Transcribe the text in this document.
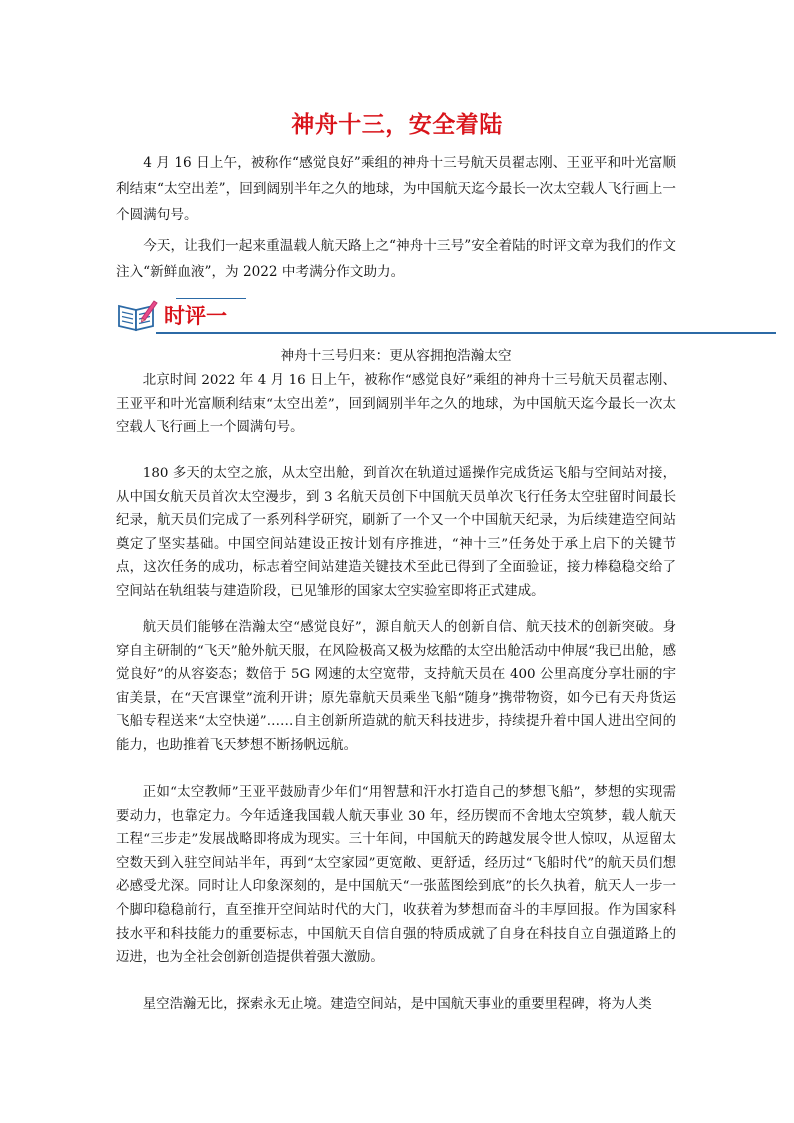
神舟十三，安全着陆

4 月 16 日上午，被称作“感觉良好”乘组的神舟十三号航天员翟志刚、王亚平和叶光富顺利结束“太空出差”，回到阔别半年之久的地球，为中国航天迄今最长一次太空载人飞行画上一个圆满句号。

今天，让我们一起来重温载人航天路上之“神舟十三号”安全着陆的时评文章为我们的作文注入“新鲜血液”，为 2022 中考满分作文助力。

时评一
神舟十三号归来：更从容拥抱浩瀚太空

北京时间 2022 年 4 月 16 日上午，被称作“感觉良好”乘组的神舟十三号航天员翟志刚、王亚平和叶光富顺利结束“太空出差”，回到阔别半年之久的地球，为中国航天迄今最长一次太空载人飞行画上一个圆满句号。

180 多天的太空之旅，从太空出舱，到首次在轨道过遥操作完成货运飞船与空间站对接，从中国女航天员首次太空漫步，到 3 名航天员创下中国航天员单次飞行任务太空驻留时间最长纪录，航天员们完成了一系列科学研究，刷新了一个又一个中国航天纪录，为后续建造空间站奠定了坚实基础。中国空间站建设正按计划有序推进，“神十三”任务处于承上启下的关键节点，这次任务的成功，标志着空间站建造关键技术至此已得到了全面验证，接力棒稳稳交给了空间站在轨组装与建造阶段，已见雏形的国家太空实验室即将正式建成。

航天员们能够在浩瀚太空“感觉良好”，源自航天人的创新自信、航天技术的创新突破。身穿自主研制的“飞天”舱外航天服，在风险极高又极为炫酷的太空出舱活动中伸展“我已出舱，感觉良好”的从容姿态；数倍于 5G 网速的太空宽带，支持航天员在 400 公里高度分享壮丽的宇宙美景，在“天宫课堂”流利开讲；原先靠航天员乘坐飞船“随身”携带物资，如今已有天舟货运飞船专程送来“太空快递”……自主创新所造就的航天科技进步，持续提升着中国人进出空间的能力，也助推着飞天梦想不断扬帆远航。

正如“太空教师”王亚平鼓励青少年们“用智慧和汗水打造自己的梦想飞船”，梦想的实现需要动力，也靠定力。今年适逢我国载人航天事业 30 年，经历锲而不舍地太空筑梦，载人航天工程“三步走”发展战略即将成为现实。三十年间，中国航天的跨越发展令世人惊叹，从逗留太空数天到入驻空间站半年，再到“太空家园”更宽敞、更舒适，经历过“飞船时代”的航天员们想必感受尤深。同时让人印象深刻的，是中国航天“一张蓝图绘到底”的长久执着，航天人一步一个脚印稳稳前行，直至推开空间站时代的大门，收获着为梦想而奋斗的丰厚回报。作为国家科技水平和科技能力的重要标志，中国航天自信自强的特质成就了自身在科技自立自强道路上的迈进，也为全社会创新创造提供着强大激励。

星空浩瀚无比，探索永无止境。建造空间站，是中国航天事业的重要里程碑，将为人类
